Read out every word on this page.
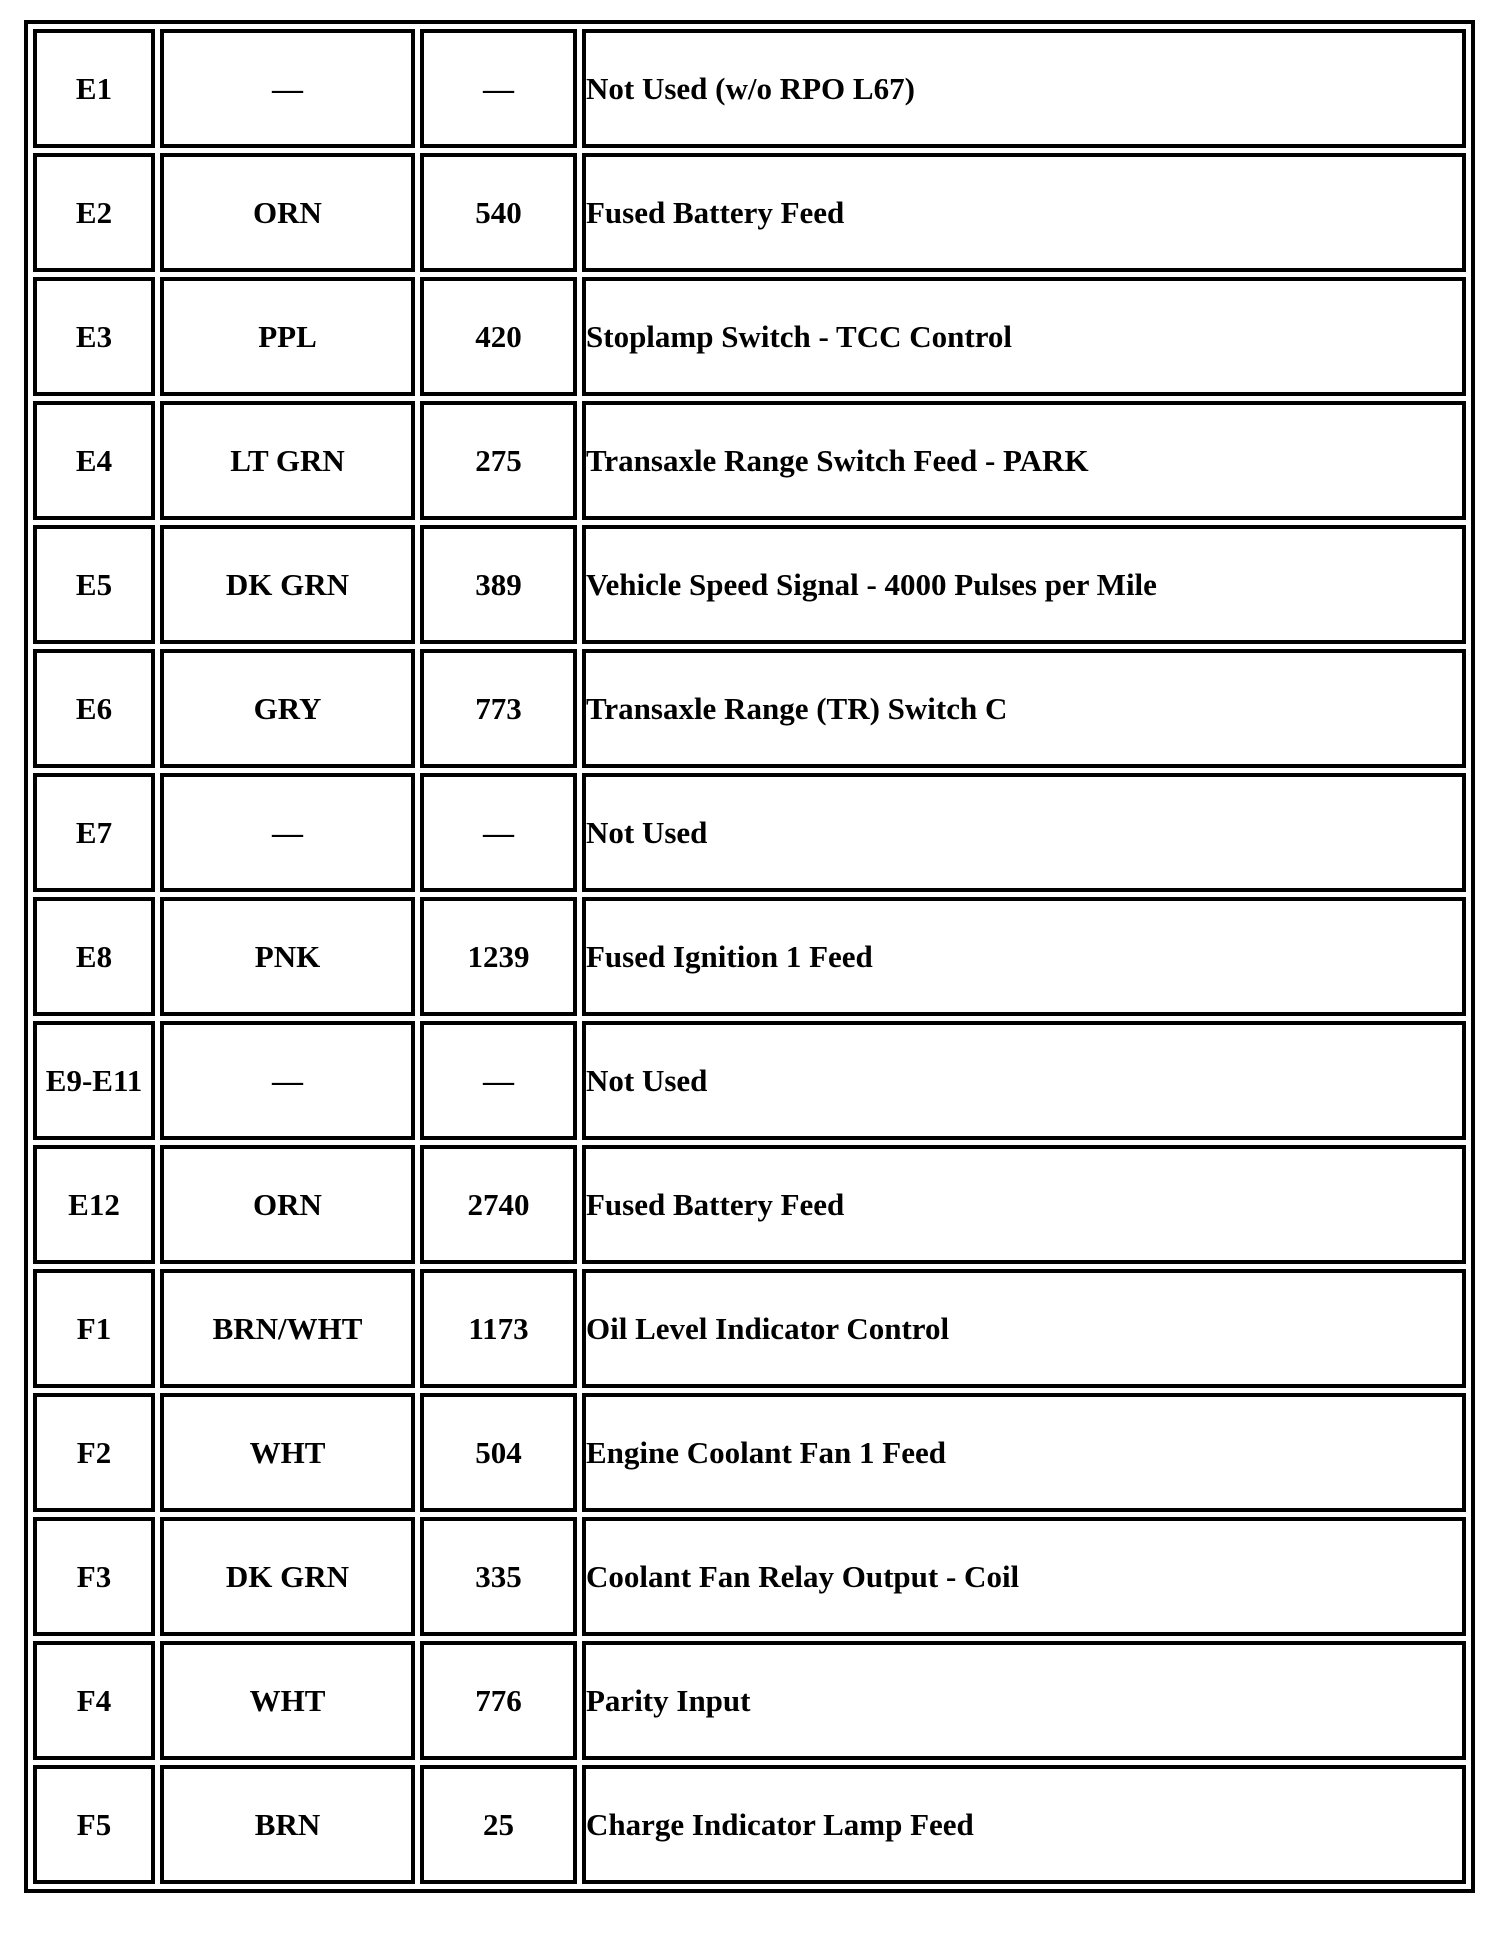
E1	—	—	Not Used (w/o RPO L67)
E2	ORN	540	Fused Battery Feed
E3	PPL	420	Stoplamp Switch - TCC Control
E4	LT GRN	275	Transaxle Range Switch Feed - PARK
E5	DK GRN	389	Vehicle Speed Signal - 4000 Pulses per Mile
E6	GRY	773	Transaxle Range (TR) Switch C
E7	—	—	Not Used
E8	PNK	1239	Fused Ignition 1 Feed
E9-E11	—	—	Not Used
E12	ORN	2740	Fused Battery Feed
F1	BRN/WHT	1173	Oil Level Indicator Control
F2	WHT	504	Engine Coolant Fan 1 Feed
F3	DK GRN	335	Coolant Fan Relay Output - Coil
F4	WHT	776	Parity Input
F5	BRN	25	Charge Indicator Lamp Feed
